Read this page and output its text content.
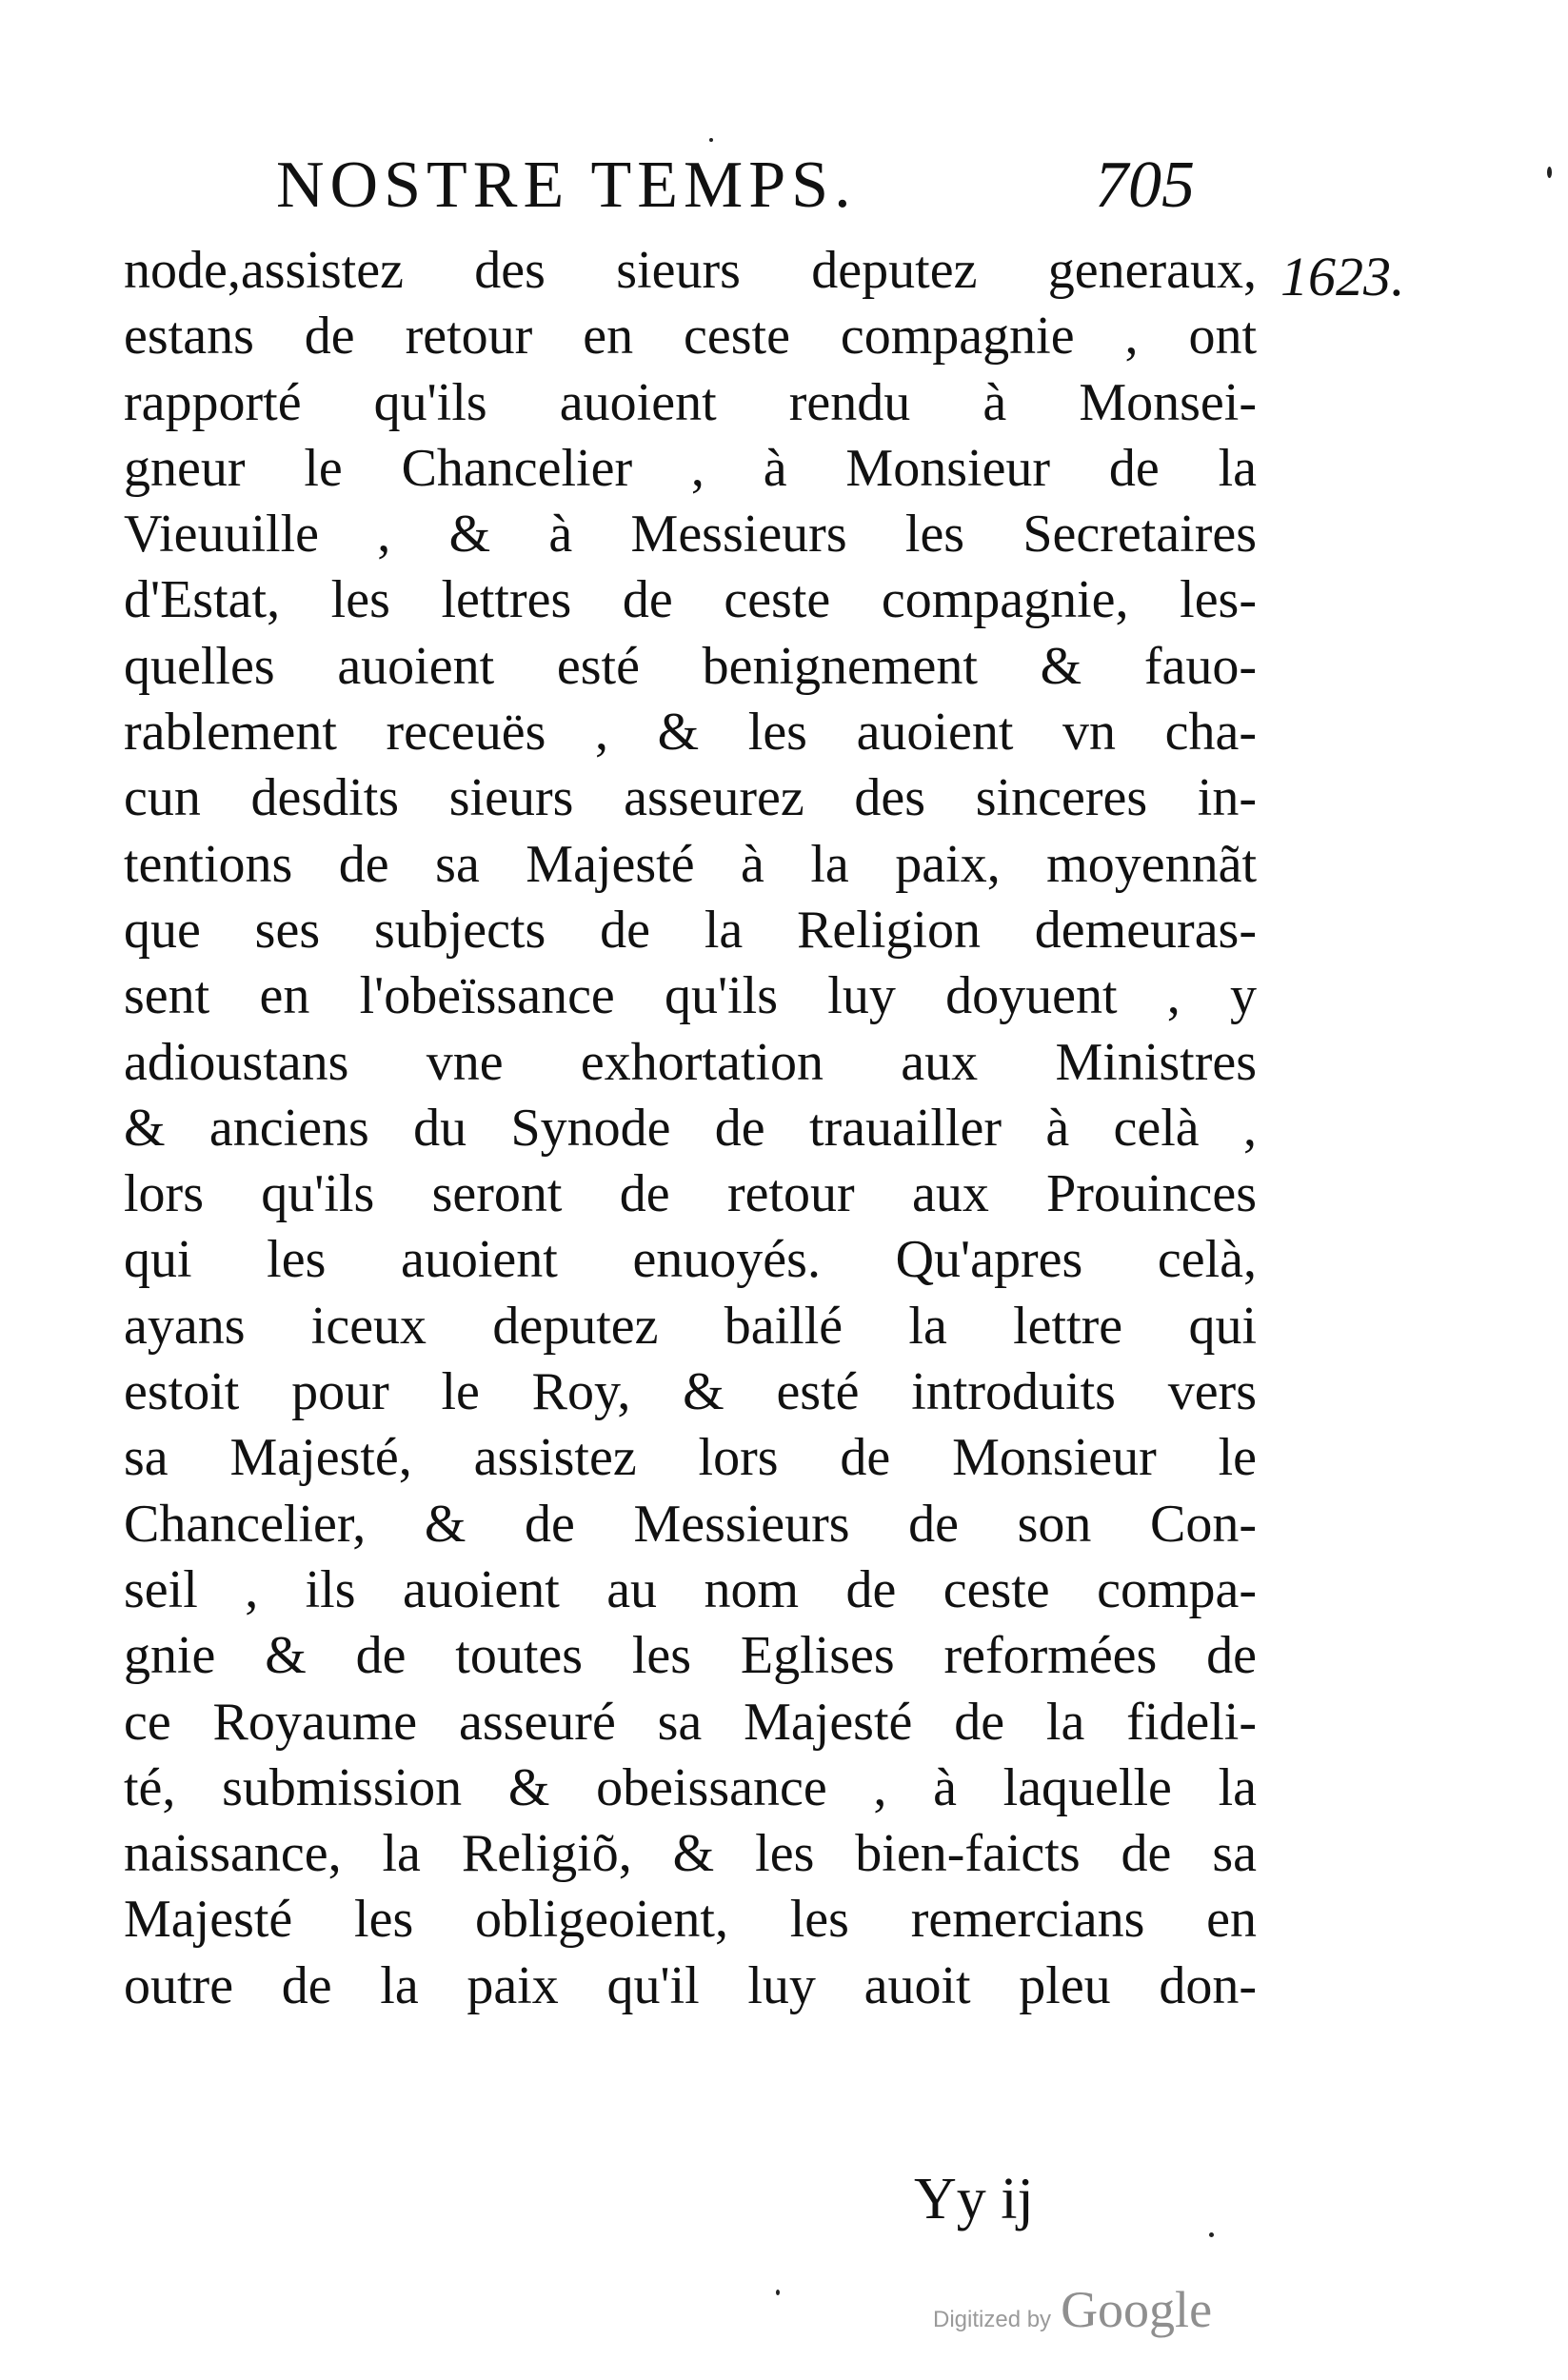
NOSTRE TEMPS.	705
1623.
node,assistez des sieurs deputez generaux,
estans de retour en ceste compagnie , ont
rapporté qu'ils auoient rendu à Monsei-
gneur le Chancelier , à Monsieur de la
Vieuuille , & à Messieurs les Secretaires
d'Estat, les lettres de ceste compagnie, les-
quelles auoient esté benignement & fauo-
rablement receuës , & les auoient vn cha-
cun desdits sieurs asseurez des sinceres in-
tentions de sa Majesté à la paix, moyennãt
que ses subjects de la Religion demeuras-
sent en l'obeïssance qu'ils luy doyuent , y
adioustans vne exhortation aux Ministres
& anciens du Synode de trauailler à celà ,
lors qu'ils seront de retour aux Prouinces
qui les auoient enuoyés. Qu'apres celà,
ayans iceux deputez baillé la lettre qui
estoit pour le Roy, & esté introduits vers
sa Majesté, assistez lors de Monsieur le
Chancelier, & de Messieurs de son Con-
seil , ils auoient au nom de ceste compa-
gnie & de toutes les Eglises reformées de
ce Royaume asseuré sa Majesté de la fideli-
té, submission & obeissance , à laquelle la
naissance, la Religiõ, & les bien-faicts de sa
Majesté les obligeoient, les remercians en
outre de la paix qu'il luy auoit pleu don-
Yy ij
Digitized by Google
